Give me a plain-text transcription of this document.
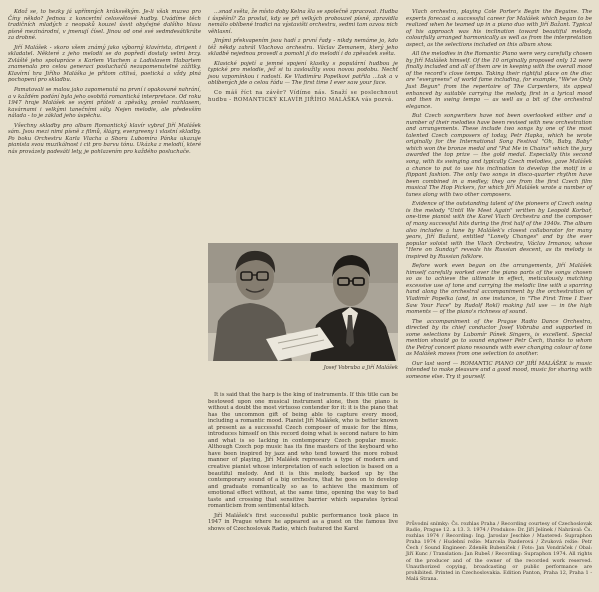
Kdož se, to hezky já upřímných kráksvěkým. Je-li však muzea pro Číny někdo? Jednou z koncertní celosvětové hudby. Uvádíme těch tradičních mladých z neopaků kouzel úsvit obyčejné dalšího hlasu písně mezinárodní, v jmenují čísel. Jinou od oné své sedmdesátikráte za drobné.

Jiří Malášek - skoro všem známý jako výborný klavírista, dirigent i skladatel. Některé z jeho melodií se do popředí dostaly velmi brzy. Zvláště jeho spolupráce s Karlem Vlachem a Ladislavem Habartem znamenala pro celou generaci posluchačů nezapomenutelné zážitky. Klavírní hra Jiřího Maláška je přitom citlivá, poetická a vždy plná pochopení pro skladbu.

Pamatovali se malou jako zapomenutá na první i opakované nahrání, a v každém podání byla jeho osobitá romantická interpretace. Od roku 1947 hraje Malášek se svými přáteli a zpěváky, prošel rozhlasem, kavárnami i velkými tanečními sály. Nejen melodie, ale především nálada - to je základ jeho úspěchu.

Všechny skladby pro album Romantický klavír vybral Jiří Malášek sám. Jsou mezi nimi písně z filmů, šlágry, evergreeny i vlastní skladby. Po boku Orchestru Karla Vlacha a Sboru Lubomíra Pánka ukazuje pianista svou muzikálnost i cit pro barvu tónu. Ukázka z melodií, které nás provázely padesáti lety, je pohlazením pro každého posluchače.

...snad světa, že místo doby Kelna šla se společně zpracovat. Hudba i úspěšní? Za proslul, kdy se při velkých probouzel písně, zpravidla nemálo oblíbené tradici na výstavišti orchestru, sedmi tam ozvou nich věhlasní.

Jinými překvapením jsou hadí z první řady - nikdy nemáme jo, kdo též někdy zahrál Vlachova orchestru. Václav Zemanem, který jeho skladbě nejednou provedl a pomohl jí do melodií i do zpěvaček světa.

Klasické pojetí a jemné spojení klasiky s populární hudbou je typické pro melodie, jež si tu zasloužily svou novou podobu. Nechť jsou vzpomínkou i radostí. Ke Vladimíru Popelkovi patřila ...tak a v oblíbených jde o celou řádu — The first time I ever saw your face.

Co máš říct na závěr? Vídíme nás. Snaží se poslechnout hudbu - ROMANTICKÝ KLAVÍR JIŘÍHO MALÁŠKA vás pozvá.

Josef Vobruba a Jiří Malášek

It is said that the harp is the king of instruments. If this title can be bestowed upon one musical instrument alone, then the piano is without a doubt the most virtuoso contender for it: it is the piano that has the uncommon gift of being able to capture every mood, including a romantic mood. Pianist Jiří Malášek, who is better known at present as a successful Czech composer of music for the films, introduces himself on this record doing what is second nature to him and what is so lacking in contemporary Czech popular music. Although Czech pop music has its fine masters of the keyboard who have been inspired by jazz and who tend toward the more robust manner of playing, Jiří Malášek represents a type of modern and creative pianist whose interpretation of each selection is based on a beautiful melody. And it is this melody, backed up by the contemporary sound of a big orchestra, that he goes on to develop and graduate romantically so as to achieve the maximum of emotional effect without, at the same time, opening the way to bad taste and crossing that sensitive barrier which separates lyrical romanticism from sentimental kitsch.

Jiří Malášek's first successful public performance took place in 1947 in Prague where he appeared as a guest on the famous live shows of Czechoslovak Radio, which featured the Karel

Vlach orchestra, playing Cole Porter's Begin the Beguine. The experts forecast a successful career for Malášek which began to be realized when he teamed up in a piano duo with Jiří Bažant. Typical of his approach was his inclination toward beautiful melody, colourfully arranged harmonically as well as from the interpretation aspect, as the selections included on this album show.

All the melodies in the Romantic Piano were very carefully chosen by Jiří Malášek himself. Of the 10 originally proposed only 12 were finally included and all of them are in keeping with the overall mood of the record's close tempo. Taking their rightful place on the disc are "evergreens" of world fame including, for example, "We've Only Just Begun" from the repertoire of The Carpenters, its appeal enhanced by suitable carrying the melody, first in a lyrical mood and then in swing tempo — as well as a bit of the orchestral elegance.

But Czech songwriters have not been overlooked either and a number of their melodies have been revised with new orchestration and arrangements. These include two songs by one of the most talented Czech composers of today, Petr Hapka, which he wrote originally for the International Song Festival "Oh, Baby, Baby" which won the bronze medal and "Put Me in Chains" which the jury awarded the top prize — the gold medal. Especially this second song, with its swinging and typically Czech melodies, gave Malášek a chance to put to use his inclination to develop the motif in a flippant fashion. The only two songs in disco-quarter rhythm have been combined in a medley; they are from the first Czech film musical The Hop Pickers, for which Jiří Malášek wrote a number of tunes along with two other composers.

Evidence of the outstanding talent of the pioneers of Czech swing is the melody "Until We Meet Again" written by Leopold Korbař, one-time pianist with the Karel Vlach Orchestra and the composer of many successful hits during the first half of the 1940s. The album also includes a tune by Malášek's closest collaborator for many years, Jiří Bažant, entitled "Lonely Changes" and by the ever popular soloist with the Vlach Orchestra, Václav Irmanov, whose "Here on Sunday" reveals his Russian descent, as its melody is inspired by Russian folklore.

Before work even began on the arrangements, Jiří Malášek himself carefully worked over the piano parts of the songs chosen so as to achieve the ultimate in effect, meticulously matching excessive use of tone and carrying the melodic line with a sparring hand along the orchestral accompaniment by the orchestration of Vladimír Popelka (and, in one instance, in "The First Time I Ever Saw Your Face" by Rudolf Rokl) making full use — in the high moments — of the piano's richness of sound.

The accompaniment of the Prague Radio Dance Orchestra, directed by its chief conductor Josef Vobruba and supported in some selections by Lubomír Pánek Singers, is excellent. Special mention should go to sound engineer Petr Čech, thanks to whom the Petrof concert piano resounds with ever changing colour of tone as Malášek moves from one selection to another.

Our last word — ROMANTIC PIANO OF JIŘÍ MALÁŠEK is music intended to make pleasure and a good mood, music for sharing with someone else. Try it yourself.

Průvodní snímky: Čs. rozhlas Praha / Recording courtesy of Czechoslovak Radio, Prague 12. a 13. 3. 1974 / Produkce: Dr. Jiří Jelínek / Nahrával: Čs. rozhlas 1974 / Recording: Ing. Jaroslav Jeschke / Mastered: Supraphon Praha 1974 / Hudební režie: Marcela Pazderová / Zvuková režie: Petr Čech / Sound Engineer: Zdeněk Bubeníček / Foto: Jan Vondráček / Obal: Jiří Kunc / Translation: Jan Rubeš / Recording: Supraphon 1974. All rights of the producer and of the owner of the recorded work reserved. Unauthorized copying, broadcasting or public performance are prohibited. Printed in Czechoslovakia. Edition Panton, Praha 12, Praha 1 - Malá Strana.
